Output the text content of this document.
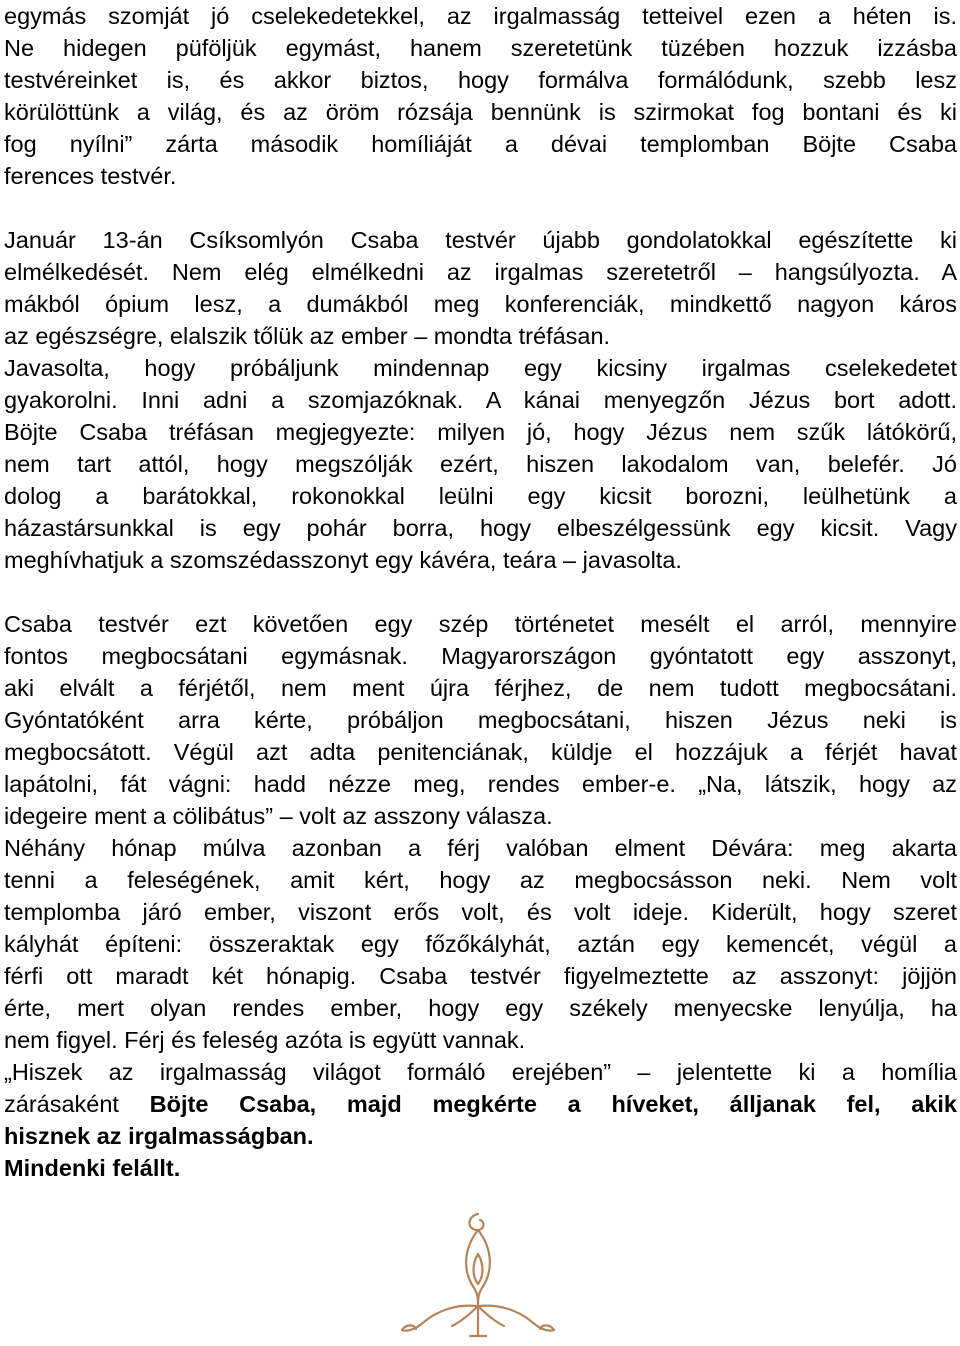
egymás szomját jó cselekedetekkel, az irgalmasság tetteivel ezen a héten is.
Ne hidegen püföljük egymást, hanem szeretetünk tüzében hozzuk izzásba
testvéreinket is, és akkor biztos, hogy formálva formálódunk, szebb lesz
körülöttünk a világ, és az öröm rózsája bennünk is szirmokat fog bontani és ki
fog nyílni” zárta második homíliáját a dévai templomban Böjte Csaba
ferences testvér.
Január 13-án Csíksomlyón Csaba testvér újabb gondolatokkal egészítette ki
elmélkedését. Nem elég elmélkedni az irgalmas szeretetről – hangsúlyozta. A
mákból ópium lesz, a dumákból meg konferenciák, mindkettő nagyon káros
az egészségre, elalszik tőlük az ember – mondta tréfásan.
Javasolta, hogy próbáljunk mindennap egy kicsiny irgalmas cselekedetet
gyakorolni. Inni adni a szomjazóknak. A kánai menyegzőn Jézus bort adott.
Böjte Csaba tréfásan megjegyezte: milyen jó, hogy Jézus nem szűk látókörű,
nem tart attól, hogy megszólják ezért, hiszen lakodalom van, belefér. Jó
dolog a barátokkal, rokonokkal leülni egy kicsit borozni, leülhetünk a
házastársunkkal is egy pohár borra, hogy elbeszélgessünk egy kicsit. Vagy
meghívhatjuk a szomszédasszonyt egy kávéra, teára – javasolta.
Csaba testvér ezt követően egy szép történetet mesélt el arról, mennyire
fontos megbocsátani egymásnak. Magyarországon gyóntatott egy asszonyt,
aki elvált a férjétől, nem ment újra férjhez, de nem tudott megbocsátani.
Gyóntatóként arra kérte, próbáljon megbocsátani, hiszen Jézus neki is
megbocsátott. Végül azt adta penitenciának, küldje el hozzájuk a férjét havat
lapátolni, fát vágni: hadd nézze meg, rendes ember-e. „Na, látszik, hogy az
idegeire ment a cölibátus” – volt az asszony válasza.
Néhány hónap múlva azonban a férj valóban elment Dévára: meg akarta
tenni a feleségének, amit kért, hogy az megbocsásson neki. Nem volt
templomba járó ember, viszont erős volt, és volt ideje. Kiderült, hogy szeret
kályhát építeni: összeraktak egy főzőkályhát, aztán egy kemencét, végül a
férfi ott maradt két hónapig. Csaba testvér figyelmeztette az asszonyt: jöjjön
érte, mert olyan rendes ember, hogy egy székely menyecske lenyúlja, ha
nem figyel. Férj és feleség azóta is együtt vannak.
„Hiszek az irgalmasság világot formáló erejében” – jelentette ki a homília
zárásaként Böjte Csaba, majd megkérte a híveket, álljanak fel, akik
hisznek az irgalmasságban.
Mindenki felállt.
